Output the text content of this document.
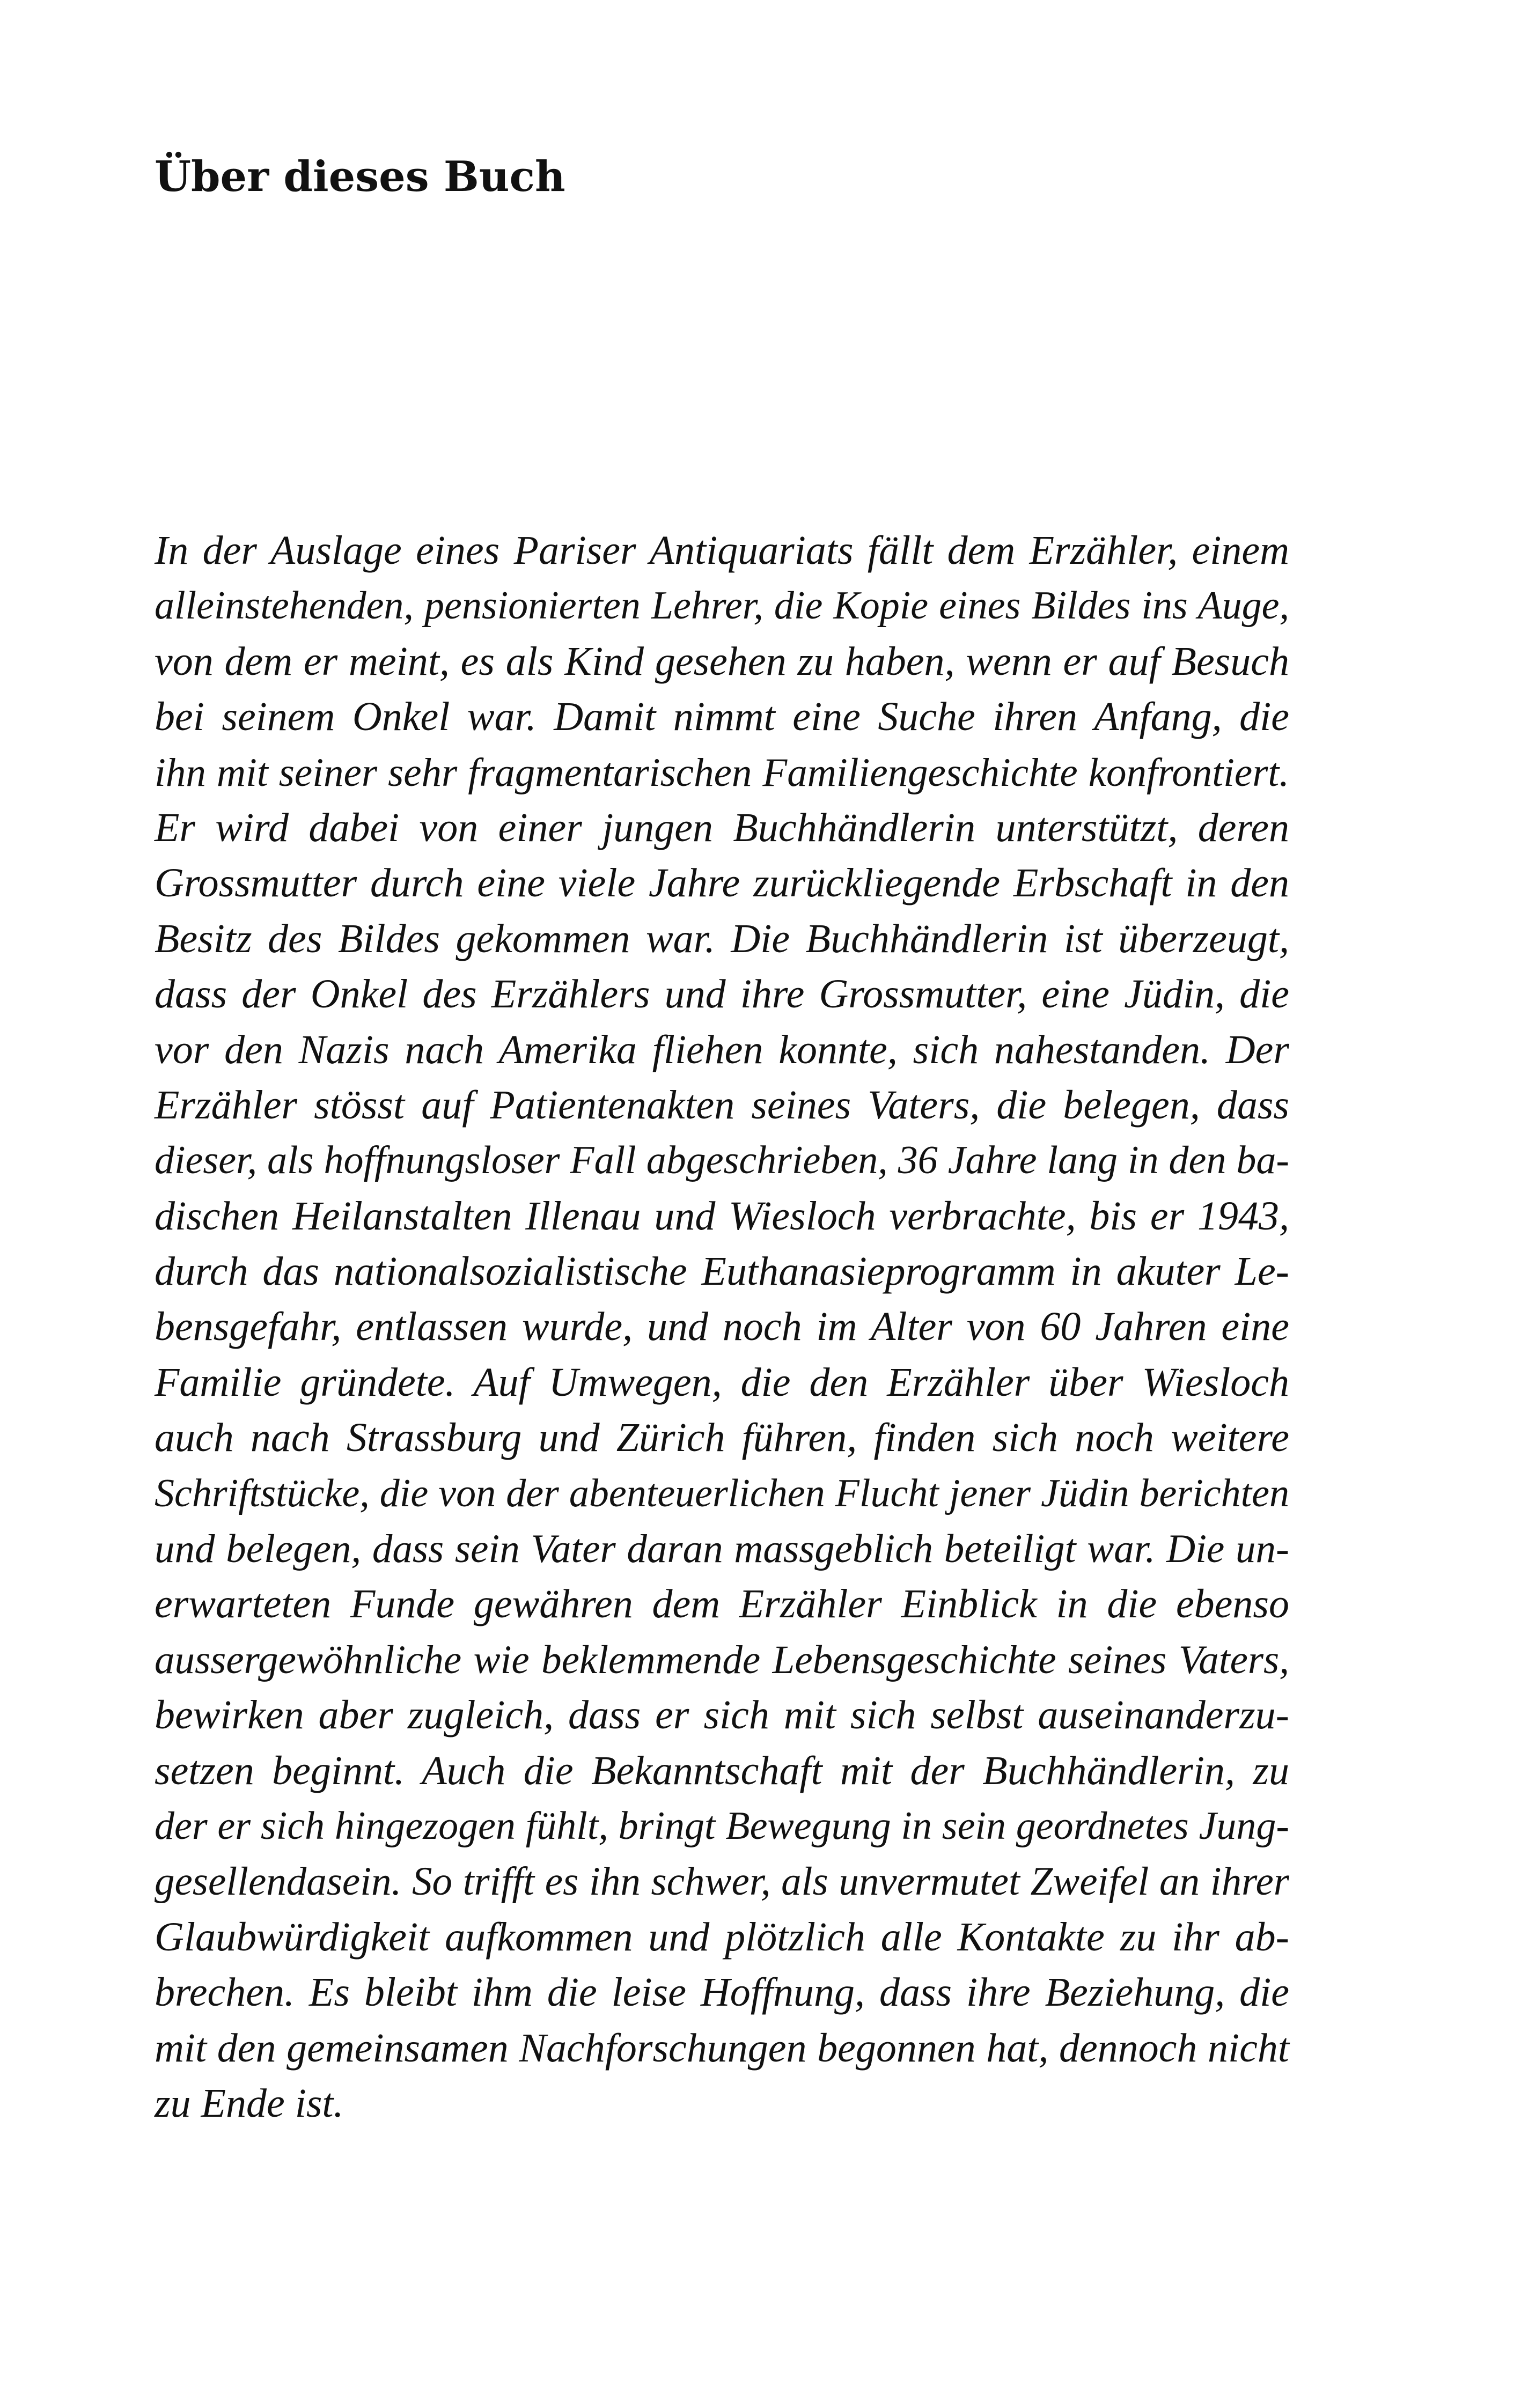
Über dieses Buch
In der Auslage eines Pariser Antiquariats fällt dem Erzähler, einem
alleinstehenden, pensionierten Lehrer, die Kopie eines Bildes ins Auge,
von dem er meint, es als Kind gesehen zu haben, wenn er auf Besuch
bei seinem Onkel war. Damit nimmt eine Suche ihren Anfang, die
ihn mit seiner sehr fragmentarischen Familiengeschichte konfrontiert.
Er wird dabei von einer jungen Buchhändlerin unterstützt, deren
Grossmutter durch eine viele Jahre zurückliegende Erbschaft in den
Besitz des Bildes gekommen war. Die Buchhändlerin ist überzeugt,
dass der Onkel des Erzählers und ihre Grossmutter, eine Jüdin, die
vor den Nazis nach Amerika fliehen konnte, sich nahestanden. Der
Erzähler stösst auf Patientenakten seines Vaters, die belegen, dass
dieser, als hoffnungsloser Fall abgeschrieben, 36 Jahre lang in den ba-
dischen Heilanstalten Illenau und Wiesloch verbrachte, bis er 1943,
durch das nationalsozialistische Euthanasieprogramm in akuter Le-
bensgefahr, entlassen wurde, und noch im Alter von 60 Jahren eine
Familie gründete. Auf Umwegen, die den Erzähler über Wiesloch
auch nach Strassburg und Zürich führen, finden sich noch weitere
Schriftstücke, die von der abenteuerlichen Flucht jener Jüdin berichten
und belegen, dass sein Vater daran massgeblich beteiligt war. Die un-
erwarteten Funde gewähren dem Erzähler Einblick in die ebenso
aussergewöhnliche wie beklemmende Lebensgeschichte seines Vaters,
bewirken aber zugleich, dass er sich mit sich selbst auseinanderzu-
setzen beginnt. Auch die Bekanntschaft mit der Buchhändlerin, zu
der er sich hingezogen fühlt, bringt Bewegung in sein geordnetes Jung-
gesellendasein. So trifft es ihn schwer, als unvermutet Zweifel an ihrer
Glaubwürdigkeit aufkommen und plötzlich alle Kontakte zu ihr ab-
brechen. Es bleibt ihm die leise Hoffnung, dass ihre Beziehung, die
mit den gemeinsamen Nachforschungen begonnen hat, dennoch nicht
zu Ende ist.
